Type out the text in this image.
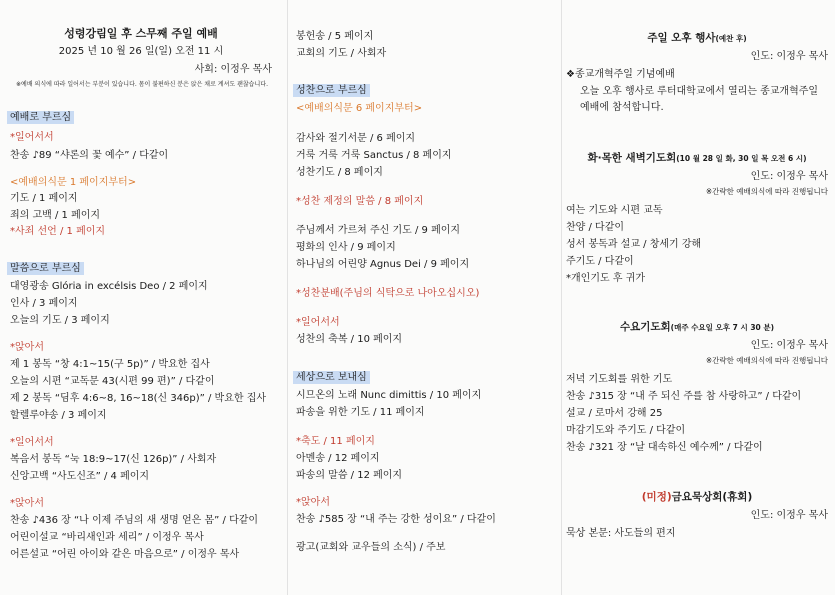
성령강림일 후 스무째 주일 예배
2025 년 10 월 26 일(일) 오전 11 시
사회: 이정우 목사
※예배 의식에 따라 일어서는 부분이 있습니다. 몸이 불편하신 분은 앉은 채로 계셔도 괜찮습니다.
예배로 부르심
*일어서서
찬송 ♪89 “샤론의 꽃 예수” / 다같이
<예배의식문 1 페이지부터>
기도 / 1 페이지
죄의 고백 / 1 페이지
*사죄 선언 / 1 페이지
말씀으로 부르심
대영광송 Glória in excélsis Deo / 2 페이지
인사 / 3 페이지
오늘의 기도 / 3 페이지
*앉아서
제 1 봉독 “창 4:1~15(구 5p)” / 박요한 집사
오늘의 시편 “교독문 43(시편 99 편)” / 다같이
제 2 봉독 “딤후 4:6~8, 16~18(신 346p)” / 박요한 집사
할렐루야송 / 3 페이지
*일어서서
복음서 봉독 “눅 18:9~17(신 126p)” / 사회자
신앙고백 “사도신조” / 4 페이지
*앉아서
찬송 ♪436 장 “나 이제 주님의 새 생명 얻은 몸” / 다같이
어린이설교 “바리새인과 세리” / 이정우 목사
어른설교 “어린 아이와 같은 마음으로” / 이정우 목사
봉헌송 / 5 페이지
교회의 기도 / 사회자
성찬으로 부르심
<예배의식문 6 페이지부터>
감사와 절기서문 / 6 페이지
거룩 거룩 거룩 Sanctus / 8 페이지
성찬기도 / 8 페이지
*성찬 제정의 말씀 / 8 페이지
주님께서 가르쳐 주신 기도 / 9 페이지
평화의 인사 / 9 페이지
하나님의 어린양 Agnus Dei / 9 페이지
*성찬분배(주님의 식탁으로 나아오십시오)
*일어서서
성찬의 축복 / 10 페이지
세상으로 보내심
시므온의 노래 Nunc dimittis / 10 페이지
파송을 위한 기도 / 11 페이지
*축도 / 11 페이지
아멘송 / 12 페이지
파송의 말씀 / 12 페이지
*앉아서
찬송 ♪585 장 “내 주는 강한 성이요” / 다같이
광고(교회와 교우들의 소식) / 주보
주일 오후 행사(예찬 후)
인도: 이정우 목사
❖종교개혁주일 기념예배
오늘 오후 행사로 루터대학교에서 열리는 종교개혁주일
예배에 참석합니다.
화·목한 새벽기도회(10 월 28 일 화, 30 일 목 오전 6 시)
인도: 이정우 목사
※간략한 예배의식에 따라 진행됩니다
여는 기도와 시편 교독
찬양 / 다같이
성서 봉독과 설교 / 창세기 강해
주기도 / 다같이
*개인기도 후 귀가
수요기도회(매주 수요일 오후 7 시 30 분)
인도: 이정우 목사
※간략한 예배의식에 따라 진행됩니다
저녁 기도회를 위한 기도
찬송 ♪315 장 “내 주 되신 주를 참 사랑하고” / 다같이
설교 / 로마서 강해 25
마감기도와 주기도 / 다같이
찬송 ♪321 장 “날 대속하신 예수께” / 다같이
(미정)금요묵상회(휴회)
인도: 이정우 목사
묵상 본문: 사도들의 편지
